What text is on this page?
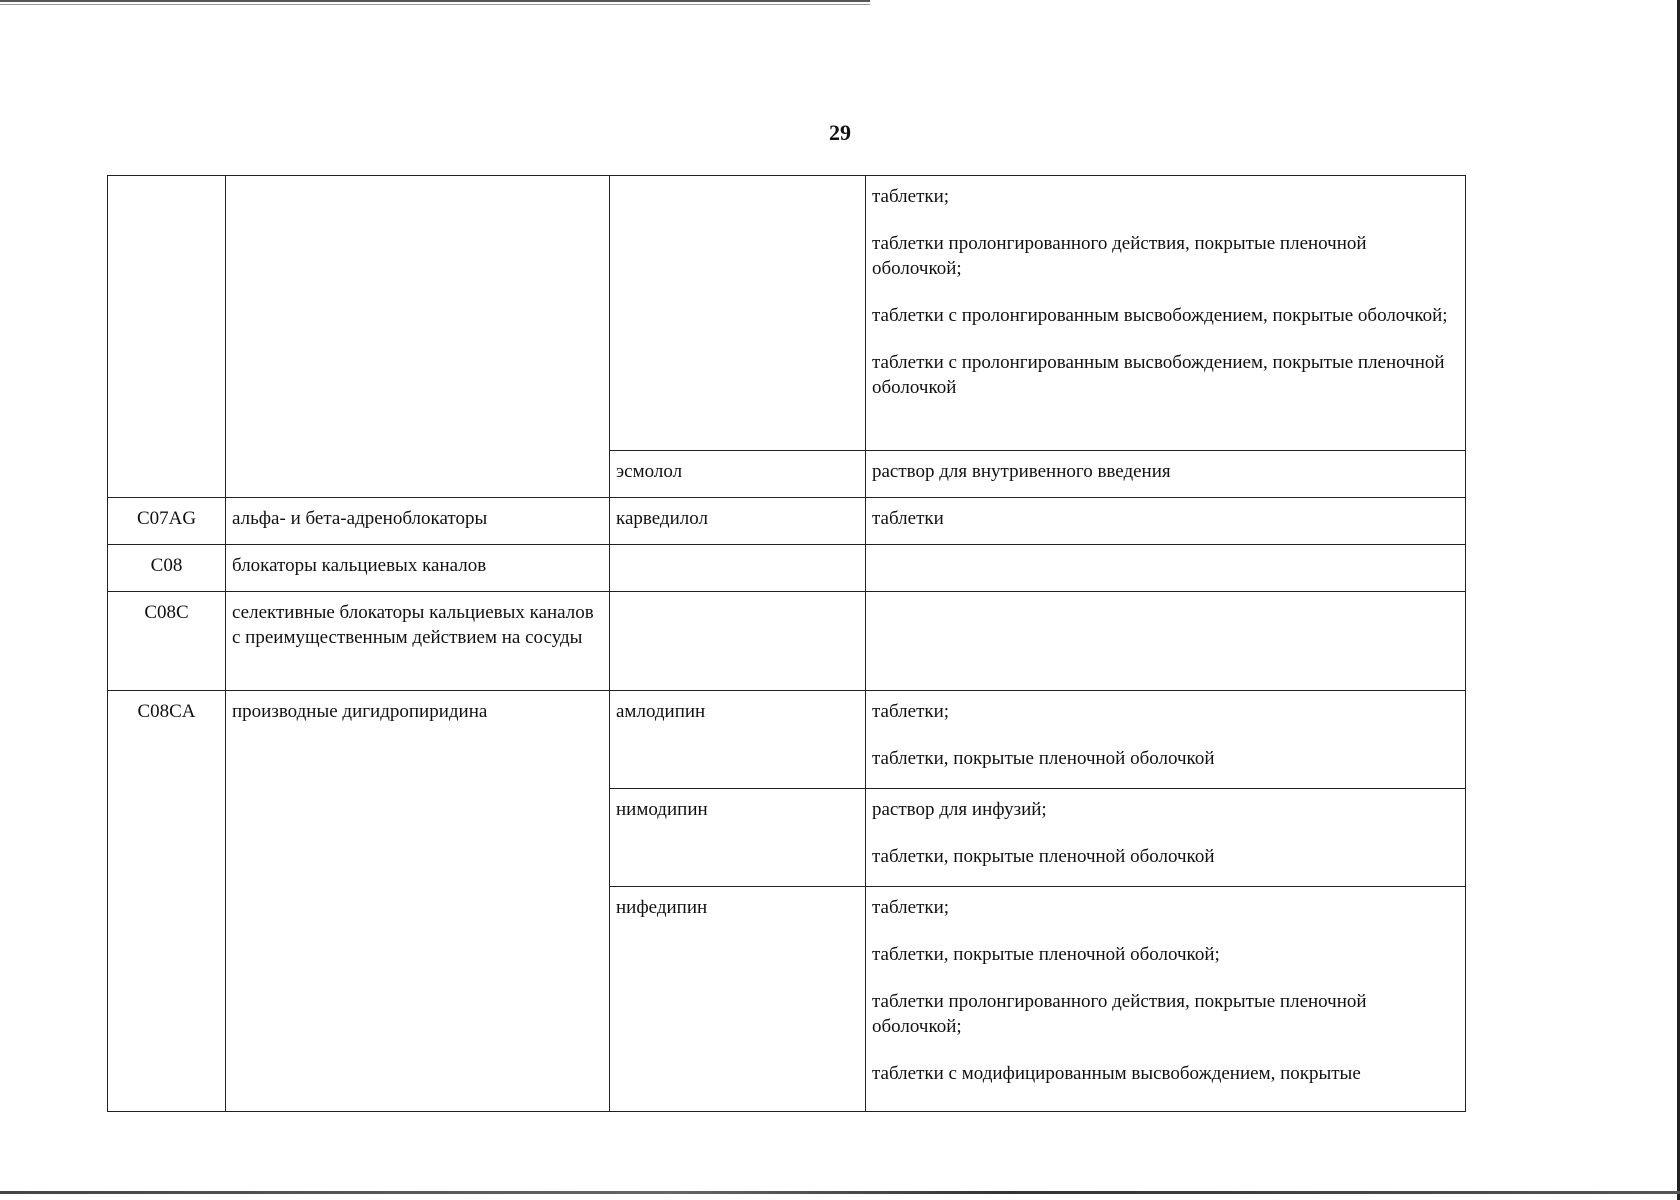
29

			таблетки;
таблетки пролонгированного действия, покрытые пленочной оболочкой;
таблетки с пролонгированным высвобождением, покрытые оболочкой;
таблетки с пролонгированным высвобождением, покрытые пленочной оболочкой

		эсмолол	раствор для внутривенного введения

C07AG	альфа- и бета-адреноблокаторы	карведилол	таблетки

C08	блокаторы кальциевых каналов		

C08C	селективные блокаторы кальциевых каналов с преимущественным действием на сосуды		

C08CA	производные дигидропиридина	амлодипин	таблетки;
таблетки, покрытые пленочной оболочкой

		нимодипин	раствор для инфузий;
таблетки, покрытые пленочной оболочкой

		нифедипин	таблетки;
таблетки, покрытые пленочной оболочкой;
таблетки пролонгированного действия, покрытые пленочной оболочкой;
таблетки с модифицированным высвобождением, покрытые
